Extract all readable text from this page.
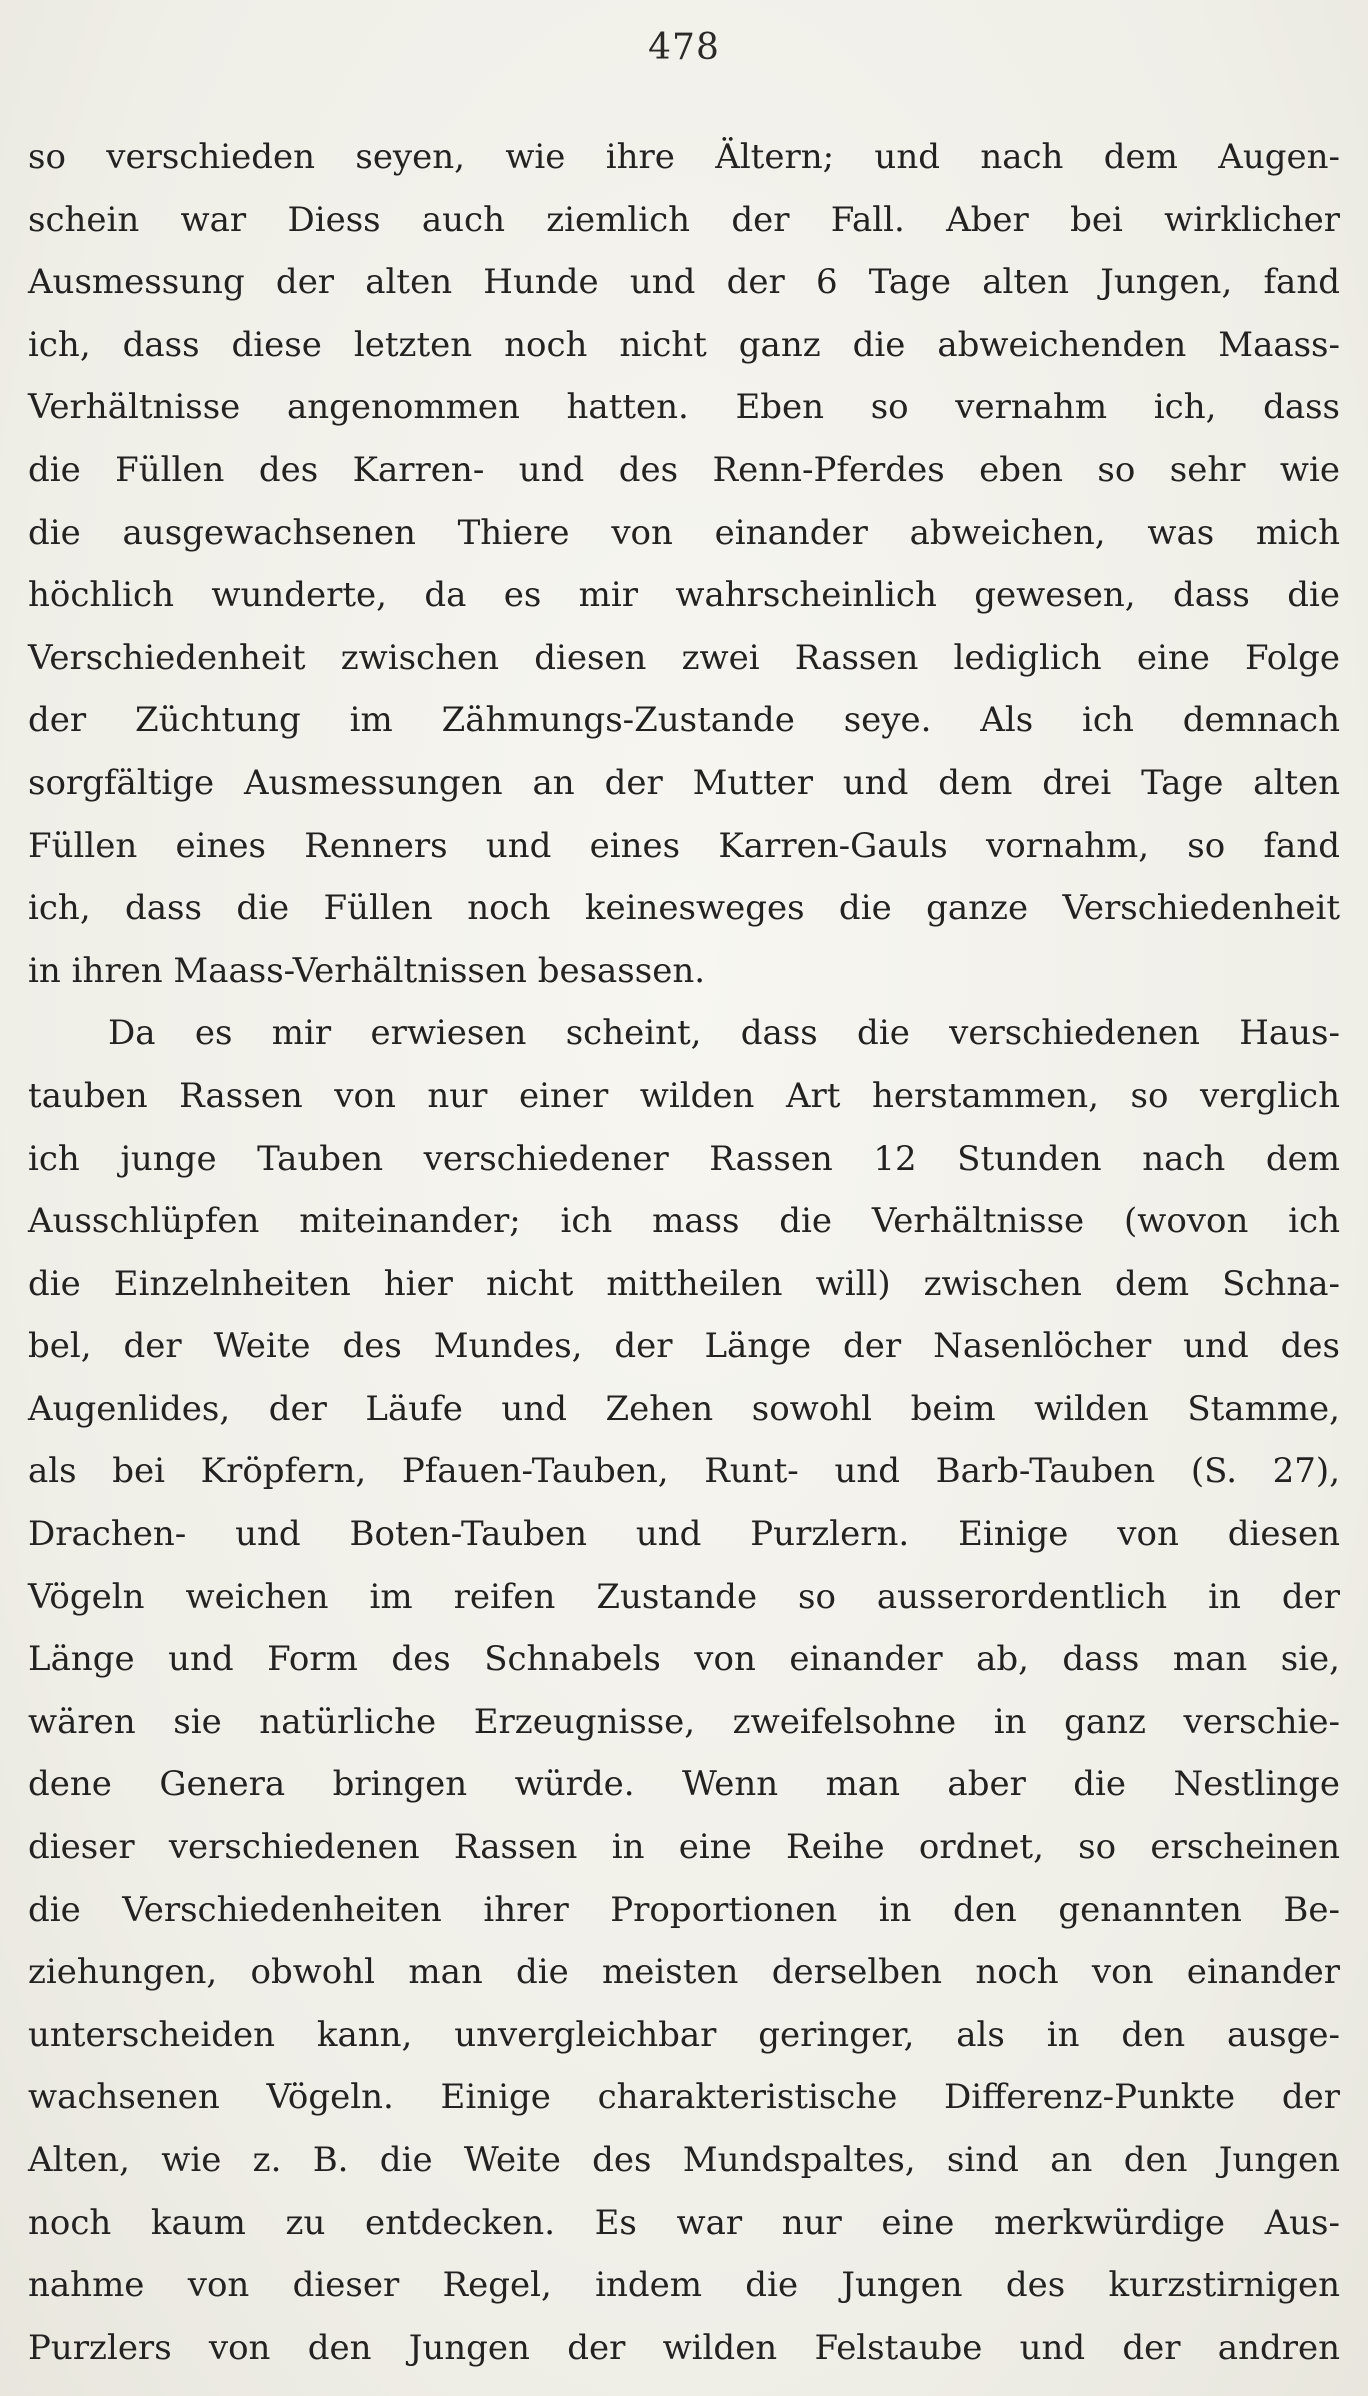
478
so verschieden seyen, wie ihre Ältern; und nach dem Augen-
schein war Diess auch ziemlich der Fall. Aber bei wirklicher
Ausmessung der alten Hunde und der 6 Tage alten Jungen, fand
ich, dass diese letzten noch nicht ganz die abweichenden Maass-
Verhältnisse angenommen hatten. Eben so vernahm ich, dass
die Füllen des Karren- und des Renn-Pferdes eben so sehr wie
die ausgewachsenen Thiere von einander abweichen, was mich
höchlich wunderte, da es mir wahrscheinlich gewesen, dass die
Verschiedenheit zwischen diesen zwei Rassen lediglich eine Folge
der Züchtung im Zähmungs-Zustande seye. Als ich demnach
sorgfältige Ausmessungen an der Mutter und dem drei Tage alten
Füllen eines Renners und eines Karren-Gauls vornahm, so fand
ich, dass die Füllen noch keinesweges die ganze Verschiedenheit
in ihren Maass-Verhältnissen besassen.
Da es mir erwiesen scheint, dass die verschiedenen Haus-
tauben Rassen von nur einer wilden Art herstammen, so verglich
ich junge Tauben verschiedener Rassen 12 Stunden nach dem
Ausschlüpfen miteinander; ich mass die Verhältnisse (wovon ich
die Einzelnheiten hier nicht mittheilen will) zwischen dem Schna-
bel, der Weite des Mundes, der Länge der Nasenlöcher und des
Augenlides, der Läufe und Zehen sowohl beim wilden Stamme,
als bei Kröpfern, Pfauen-Tauben, Runt- und Barb-Tauben (S. 27),
Drachen- und Boten-Tauben und Purzlern. Einige von diesen
Vögeln weichen im reifen Zustande so ausserordentlich in der
Länge und Form des Schnabels von einander ab, dass man sie,
wären sie natürliche Erzeugnisse, zweifelsohne in ganz verschie-
dene Genera bringen würde. Wenn man aber die Nestlinge
dieser verschiedenen Rassen in eine Reihe ordnet, so erscheinen
die Verschiedenheiten ihrer Proportionen in den genannten Be-
ziehungen, obwohl man die meisten derselben noch von einander
unterscheiden kann, unvergleichbar geringer, als in den ausge-
wachsenen Vögeln. Einige charakteristische Differenz-Punkte der
Alten, wie z. B. die Weite des Mundspaltes, sind an den Jungen
noch kaum zu entdecken. Es war nur eine merkwürdige Aus-
nahme von dieser Regel, indem die Jungen des kurzstirnigen
Purzlers von den Jungen der wilden Felstaube und der andren
